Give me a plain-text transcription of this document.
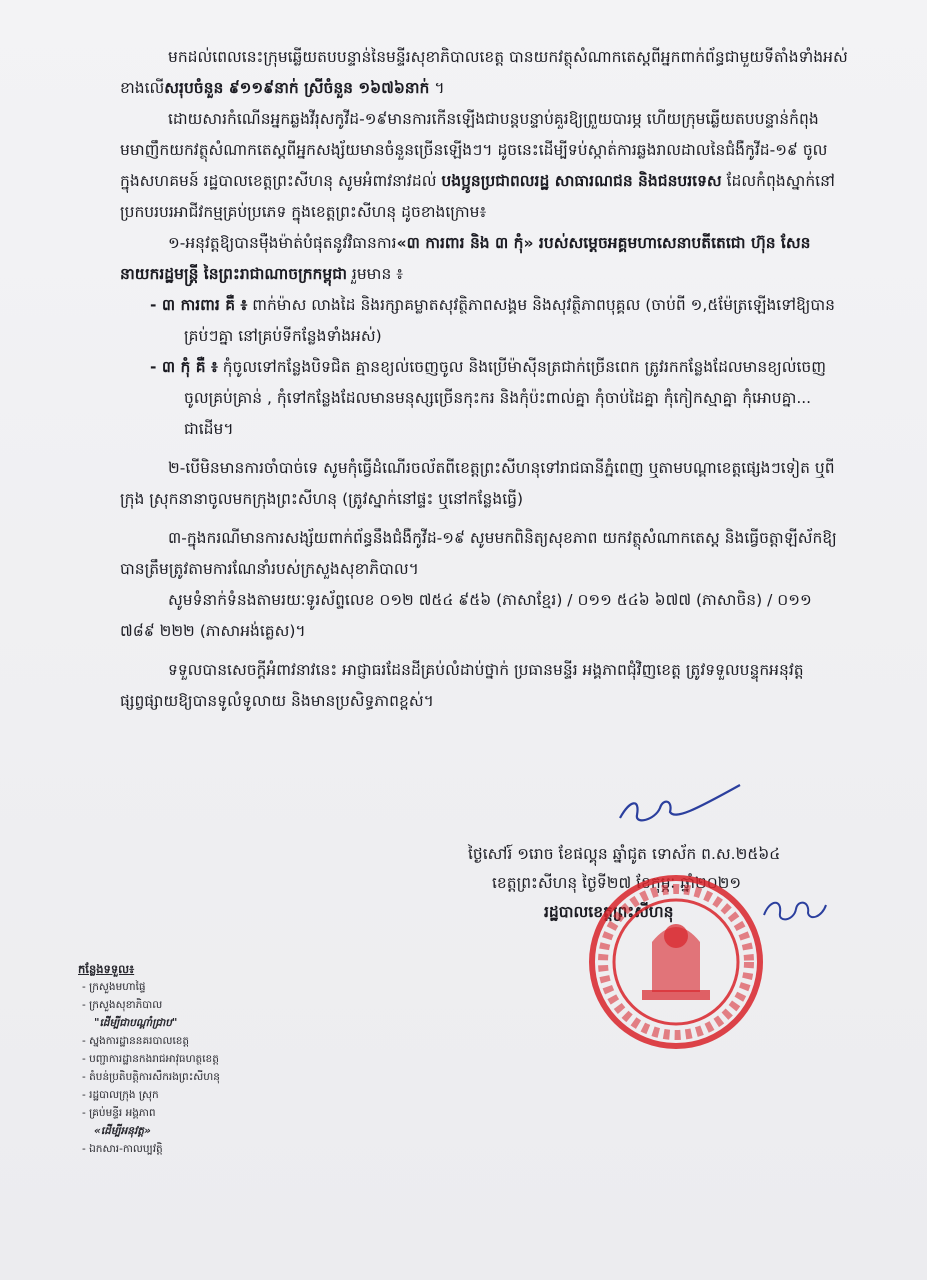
មកដល់ពេលនេះក្រុមឆ្លើយតបបន្ទាន់នៃមន្ទីរសុខាភិបាលខេត្ត បានយកវត្ថុសំណាកតេស្តពីអ្នកពាក់ព័ន្ធជាមួយទីតាំងទាំងអស់ខាងលើសរុបចំនួន ៩១១៩នាក់ ស្រីចំនួន ១៦៧៦នាក់ ។

ដោយសារកំណើនអ្នកឆ្លងវីរុសកូវីដ-១៩មានការកើនឡើងជាបន្តបន្ទាប់គួរឱ្យព្រួយបារម្ភ ហើយក្រុមឆ្លើយតបបន្ទាន់កំពុងមមាញឹកយកវត្ថុសំណាកតេស្តពីអ្នកសង្ស័យមានចំនួនច្រើនឡើងៗ។ ដូចនេះដើម្បីទប់ស្កាត់ការឆ្លងរាលដាលនៃជំងឺកូវីដ-១៩ ចូលក្នុងសហគមន៍ រដ្ឋបាលខេត្តព្រះសីហនុ សូមអំពាវនាវដល់ បងប្អូនប្រជាពលរដ្ឋ សាធារណជន និងជនបរទេស ដែលកំពុងស្នាក់នៅ ប្រកបរបរអាជីវកម្មគ្រប់ប្រភេទ ក្នុងខេត្តព្រះសីហនុ ដូចខាងក្រោម៖

១-អនុវត្តឱ្យបានម៉ឺងម៉ាត់បំផុតនូវវិធានការ«៣ ការពារ និង ៣ កុំ» របស់សម្តេចអគ្គមហាសេនាបតីតេជោ ហ៊ុន សែន នាយករដ្ឋមន្ត្រី នៃព្រះរាជាណាចក្រកម្ពុជា រួមមាន ៖

- ៣ ការពារ គឺ ៖ ពាក់ម៉ាស លាងដៃ និងរក្សាគម្លាតសុវត្ថិភាពសង្គម និងសុវត្ថិភាពបុគ្គល (ចាប់ពី ១,៥ម៉ែត្រឡើងទៅឱ្យបានគ្រប់ៗគ្នា នៅគ្រប់ទីកន្លែងទាំងអស់)

- ៣ កុំ គឺ ៖ កុំចូលទៅកន្លែងបិទជិត គ្មានខ្យល់ចេញចូល និងប្រើម៉ាស៊ីនត្រជាក់ច្រើនពេក ត្រូវរកកន្លែងដែលមានខ្យល់ចេញចូលគ្រប់គ្រាន់ , កុំទៅកន្លែងដែលមានមនុស្សច្រើនកុះករ និងកុំប៉ះពាល់គ្នា កុំចាប់ដៃគ្នា កុំកៀកស្មាគ្នា កុំអោបគ្នា... ជាដើម។

២-បើមិនមានការចាំបាច់ទេ សូមកុំធ្វើដំណើរចល័តពីខេត្តព្រះសីហនុទៅរាជធានីភ្នំពេញ ឬតាមបណ្តាខេត្តផ្សេងៗទៀត ឬពីក្រុង ស្រុកនានាចូលមកក្រុងព្រះសីហនុ (ត្រូវស្នាក់នៅផ្ទះ ឬនៅកន្លែងធ្វើ)

៣-ក្នុងករណីមានការសង្ស័យពាក់ព័ន្ធនឹងជំងឺកូវីដ-១៩ សូមមកពិនិត្យសុខភាព យកវត្ថុសំណាកតេស្ត និងធ្វើចត្តាឡីស័កឱ្យបានត្រឹមត្រូវតាមការណែនាំរបស់ក្រសួងសុខាភិបាល។

សូមទំនាក់ទំនងតាមរយៈទូរស័ព្ទលេខ ០១២ ៧៥៤ ៩៥៦ (ភាសាខ្មែរ) / ០១១ ៥៤៦ ៦៧៧ (ភាសាចិន) / ០១១ ៧៨៩ ២២២ (ភាសាអង់គ្លេស)។

ទទួលបានសេចក្តីអំពាវនាវនេះ អាជ្ញាធរដែនដីគ្រប់លំដាប់ថ្នាក់ ប្រធានមន្ទីរ អង្គភាពជុំវិញខេត្ត ត្រូវទទួលបន្ទុកអនុវត្តផ្សព្វផ្សាយឱ្យបានទូលំទូលាយ និងមានប្រសិទ្ធភាពខ្ពស់។

ថ្ងៃសៅរ៍ ១រោច ខែផល្គុន ឆ្នាំជូត ទោស័ក ព.ស.២៥៦៤
ខេត្តព្រះសីហនុ ថ្ងៃទី២៧ ខែកុម្ភៈ ឆ្នាំ២០២១
រដ្ឋបាលខេត្តព្រះសីហនុ
កន្លែងទទួល៖
- ក្រសួងមហាផ្ទៃ
- ក្រសួងសុខាភិបាល
"ដើម្បីជាបណ្តាំជ្រាប"
- ស្នងការដ្ឋាននគរបាលខេត្ត
- បញ្ជាការដ្ឋានកងរាជអាវុធហត្ថខេត្ត
- តំបន់ប្រតិបត្តិការសឹករងព្រះសីហនុ
- រដ្ឋបាលក្រុង ស្រុក
- គ្រប់មន្ទីរ អង្គភាព
«ដើម្បីអនុវត្ត»
- ឯកសារ-កាលប្បវត្តិ
